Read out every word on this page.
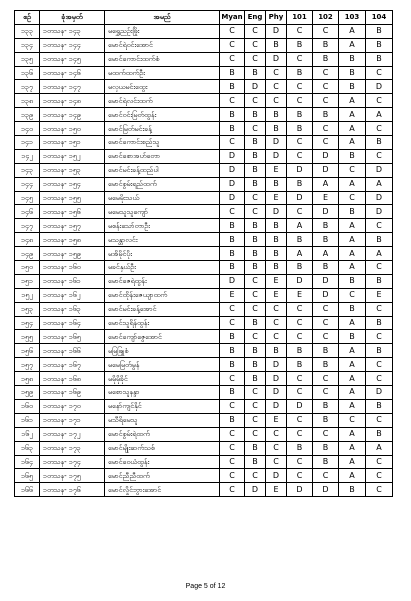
စဥ်	ခုံအမှတ်	အမည်	Myan	Eng	Phy	101	102	103	104
၁၃၃	၁တသန- ၁၄၃	မရွှေညဉ်းဖြိုး	C	C	D	C	C	A	B
၁၃၄	၁တသန- ၁၄၄	မောင်ရဲဝင်းအောင်	C	C	B	B	B	A	B
၁၃၅	၁တသန- ၁၄၅	မောင်ကောင်းထက်စံ	C	C	D	C	B	B	B
၁၃၆	၁တသန- ၁၄၆	မထက်ထက်ဦး	B	B	C	B	C	B	C
၁၃၇	၁တသန- ၁၄၇	မလှယမင်းထွေး	B	D	C	C	C	B	D
၁၃၈	၁တသန- ၁၄၈	မောင်ရဲလင်းထက်	C	C	C	C	C	A	C
၁၃၉	၁တသန- ၁၄၉	မောင်ဝင်းမြတ်ထွန်း	B	B	B	B	B	A	A
၁၄၀	၁တသန- ၁၅၀	မောင်မြတ်မင်းခန့်	B	C	B	B	C	A	C
၁၄၁	၁တသန- ၁၅၁	မောင်ကောင်းစည်သူ	C	B	D	C	C	A	B
၁၄၂	၁တသန- ၁၅၂	မောင်စောအဟ်တော	D	B	D	C	D	B	C
၁၄၃	၁တသန- ၁၅၃	မောင်မင်းခန့်ထည်ပါ	D	B	E	D	D	C	D
၁၄၄	၁တသန- ၁၅၄	မောင်စွမ်းရည်ထက်	D	B	B	B	A	A	A
၁၄၅	၁တသန- ၁၅၅	မမေမိုးသယ်	D	C	E	D	E	C	D
၁၄၆	၁တသန- ၁၅၆	မမေသူသူကျော်	C	C	D	C	D	B	D
၁၄၇	၁တသန- ၁၅၇	မစန်းသော်တာဦး	B	B	B	A	B	A	C
၁၄၈	၁တသန- ၁၅၈	မသန္တာလင်း	B	B	B	B	B	A	B
၁၄၉	၁တသန- ၁၅၉	မအိမိုင်ပိုး	B	B	B	A	A	A	A
၁၅၀	၁တသန- ၁၆၀	မခင်နှယ်ဦး	B	B	B	B	B	A	C
၁၅၁	၁တသန- ၁၆၁	မောင်ဇေရဲထွန်း	D	C	E	D	D	B	B
၁၅၂	၁တသန- ၁၆၂	မောင်ထိုန်းဇေယျာထက်	E	C	E	E	D	C	E
၁၅၃	၁တသန- ၁၆၃	မောင်မင်းခန့်အောင်	C	C	C	C	C	B	C
၁၅၄	၁တသန- ၁၆၄	မောင်သူရိန်ထွန်း	C	B	C	C	C	A	B
၁၅၅	၁တသန- ၁၆၅	မောင်ကျော်ဇွေအောင်	B	C	C	C	C	B	C
၁၅၆	၁တသန- ၁၆၆	မမြဖြူစံ	B	B	B	B	B	A	B
၁၅၇	၁တသန- ၁၆၇	မမေမြတ်မွန်	B	B	D	B	B	A	C
၁၅၈	၁တသန- ၁၆၈	မမိုမိုခိုင်	C	B	D	C	C	A	C
၁၅၉	၁တသန- ၁၆၉	မစောသူနန္ဒာ	B	C	D	C	C	A	D
၁၆၀	၁တသန- ၁၇၀	မနော်ကျင်နိုင်	C	C	D	D	B	A	B
၁၆၁	၁တသန- ၁၇၁	မသီရိမေသူ	B	C	E	C	B	C	C
၁၆၂	၁တသန- ၁၇၂	မောင်စွမ်းရဲထက်	C	C	C	C	C	A	B
၁၆၃	၁တသန- ၁၇၃	မောင်မျိုးဆက်သစ်	C	B	C	B	B	A	A
၁၆၄	၁တသန- ၁၇၄	မောင်ဝေယံထွန်း	C	B	C	C	B	A	C
၁၆၅	၁တသန- ၁၇၅	မောင်ညီညီထက်	C	C	D	C	C	A	C
၁၆၆	၁တသန- ၁၇၆	မောင်လှိုင်ဘွားအောင်	C	D	E	D	D	B	C
Page 5 of 12
